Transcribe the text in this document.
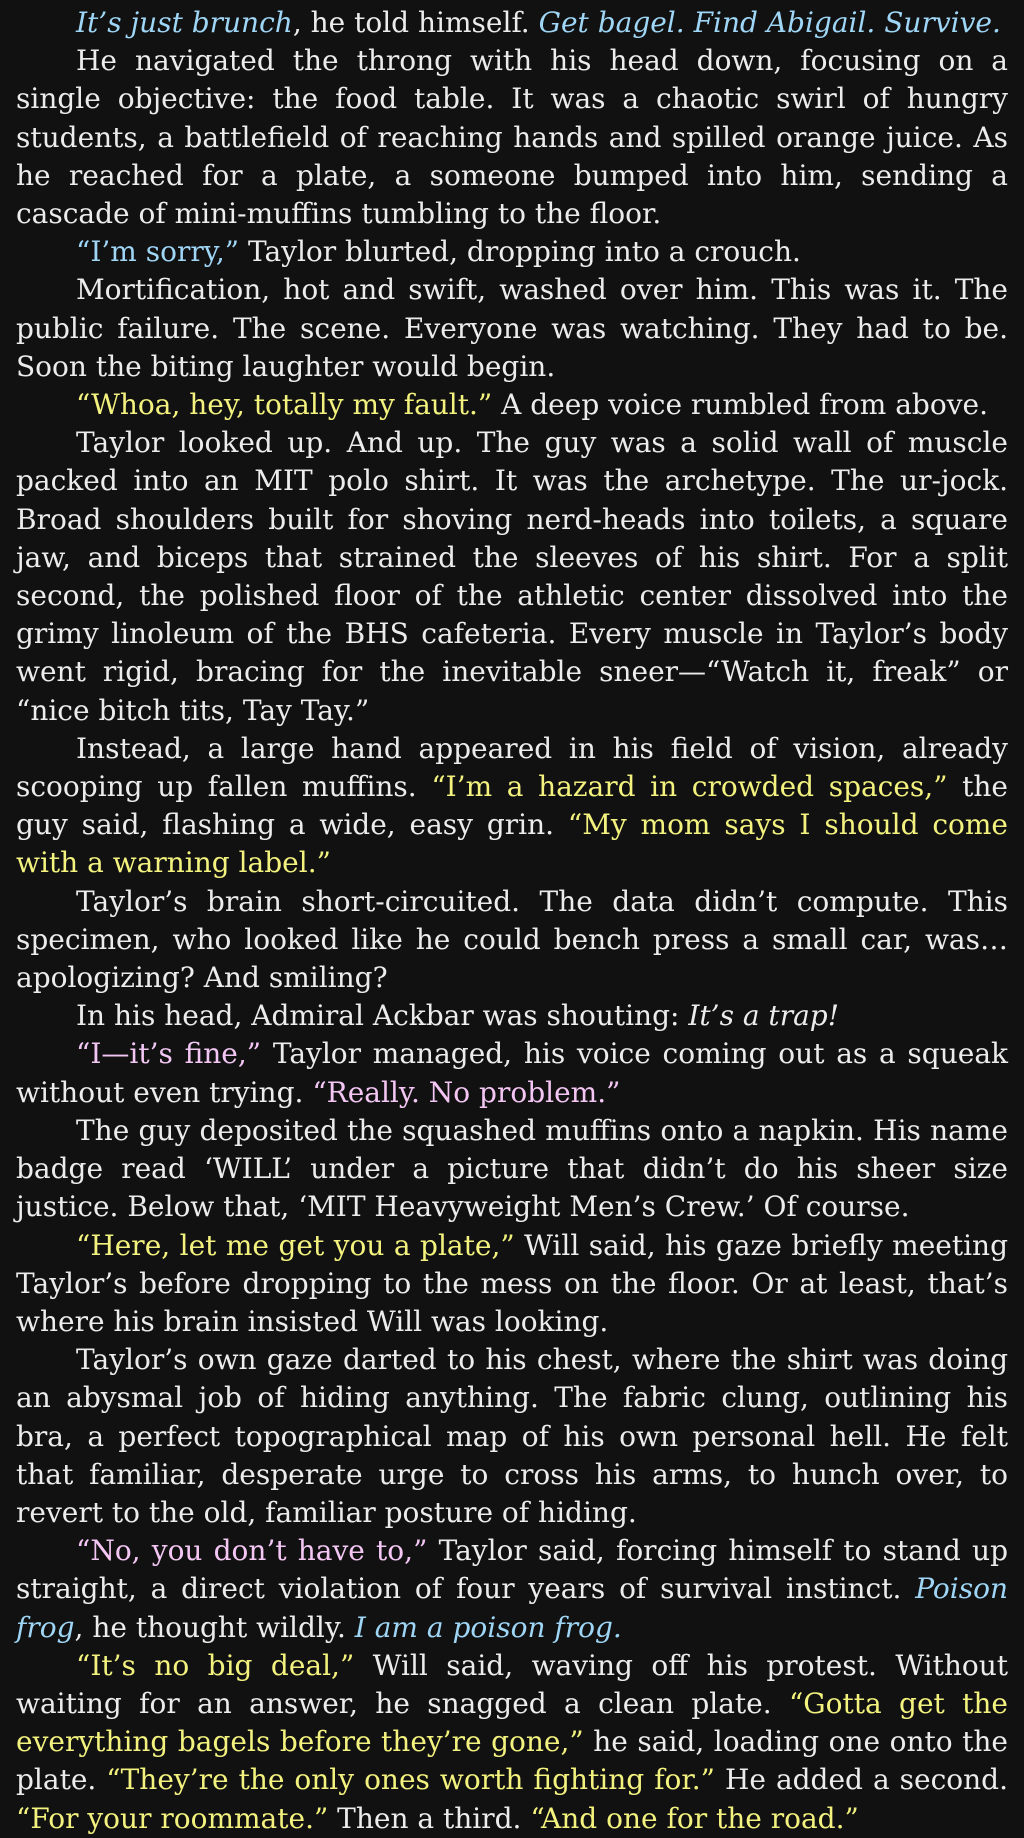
It’s just brunch, he told himself. Get bagel. Find Abigail. Survive.

He navigated the throng with his head down, focusing on a single objective: the food table. It was a chaotic swirl of hungry students, a battlefield of reaching hands and spilled orange juice. As he reached for a plate, a someone bumped into him, sending a cascade of mini-muffins tumbling to the floor.

“I’m sorry,” Taylor blurted, dropping into a crouch.

Mortification, hot and swift, washed over him. This was it. The public failure. The scene. Everyone was watching. They had to be. Soon the biting laughter would begin.

“Whoa, hey, totally my fault.” A deep voice rumbled from above.

Taylor looked up. And up. The guy was a solid wall of muscle packed into an MIT polo shirt. It was the archetype. The ur-jock. Broad shoulders built for shoving nerd-heads into toilets, a square jaw, and biceps that strained the sleeves of his shirt. For a split second, the polished floor of the athletic center dissolved into the grimy linoleum of the BHS cafeteria. Every muscle in Taylor’s body went rigid, bracing for the inevitable sneer—“Watch it, freak” or “nice bitch tits, Tay Tay.”

Instead, a large hand appeared in his field of vision, already scooping up fallen muffins. “I’m a hazard in crowded spaces,” the guy said, flashing a wide, easy grin. “My mom says I should come with a warning label.”

Taylor’s brain short-circuited. The data didn’t compute. This specimen, who looked like he could bench press a small car, was… apologizing? And smiling?

In his head, Admiral Ackbar was shouting: It’s a trap!

“I—it’s fine,” Taylor managed, his voice coming out as a squeak without even trying. “Really. No problem.”

The guy deposited the squashed muffins onto a napkin. His name badge read ‘WILL’ under a picture that didn’t do his sheer size justice. Below that, ‘MIT Heavyweight Men’s Crew.’ Of course.

“Here, let me get you a plate,” Will said, his gaze briefly meeting Taylor’s before dropping to the mess on the floor. Or at least, that’s where his brain insisted Will was looking.

Taylor’s own gaze darted to his chest, where the shirt was doing an abysmal job of hiding anything. The fabric clung, outlining his bra, a perfect topographical map of his own personal hell. He felt that familiar, desperate urge to cross his arms, to hunch over, to revert to the old, familiar posture of hiding.

“No, you don’t have to,” Taylor said, forcing himself to stand up straight, a direct violation of four years of survival instinct. Poison frog, he thought wildly. I am a poison frog.

“It’s no big deal,” Will said, waving off his protest. Without waiting for an answer, he snagged a clean plate. “Gotta get the everything bagels before they’re gone,” he said, loading one onto the plate. “They’re the only ones worth fighting for.” He added a second. “For your roommate.” Then a third. “And one for the road.”
